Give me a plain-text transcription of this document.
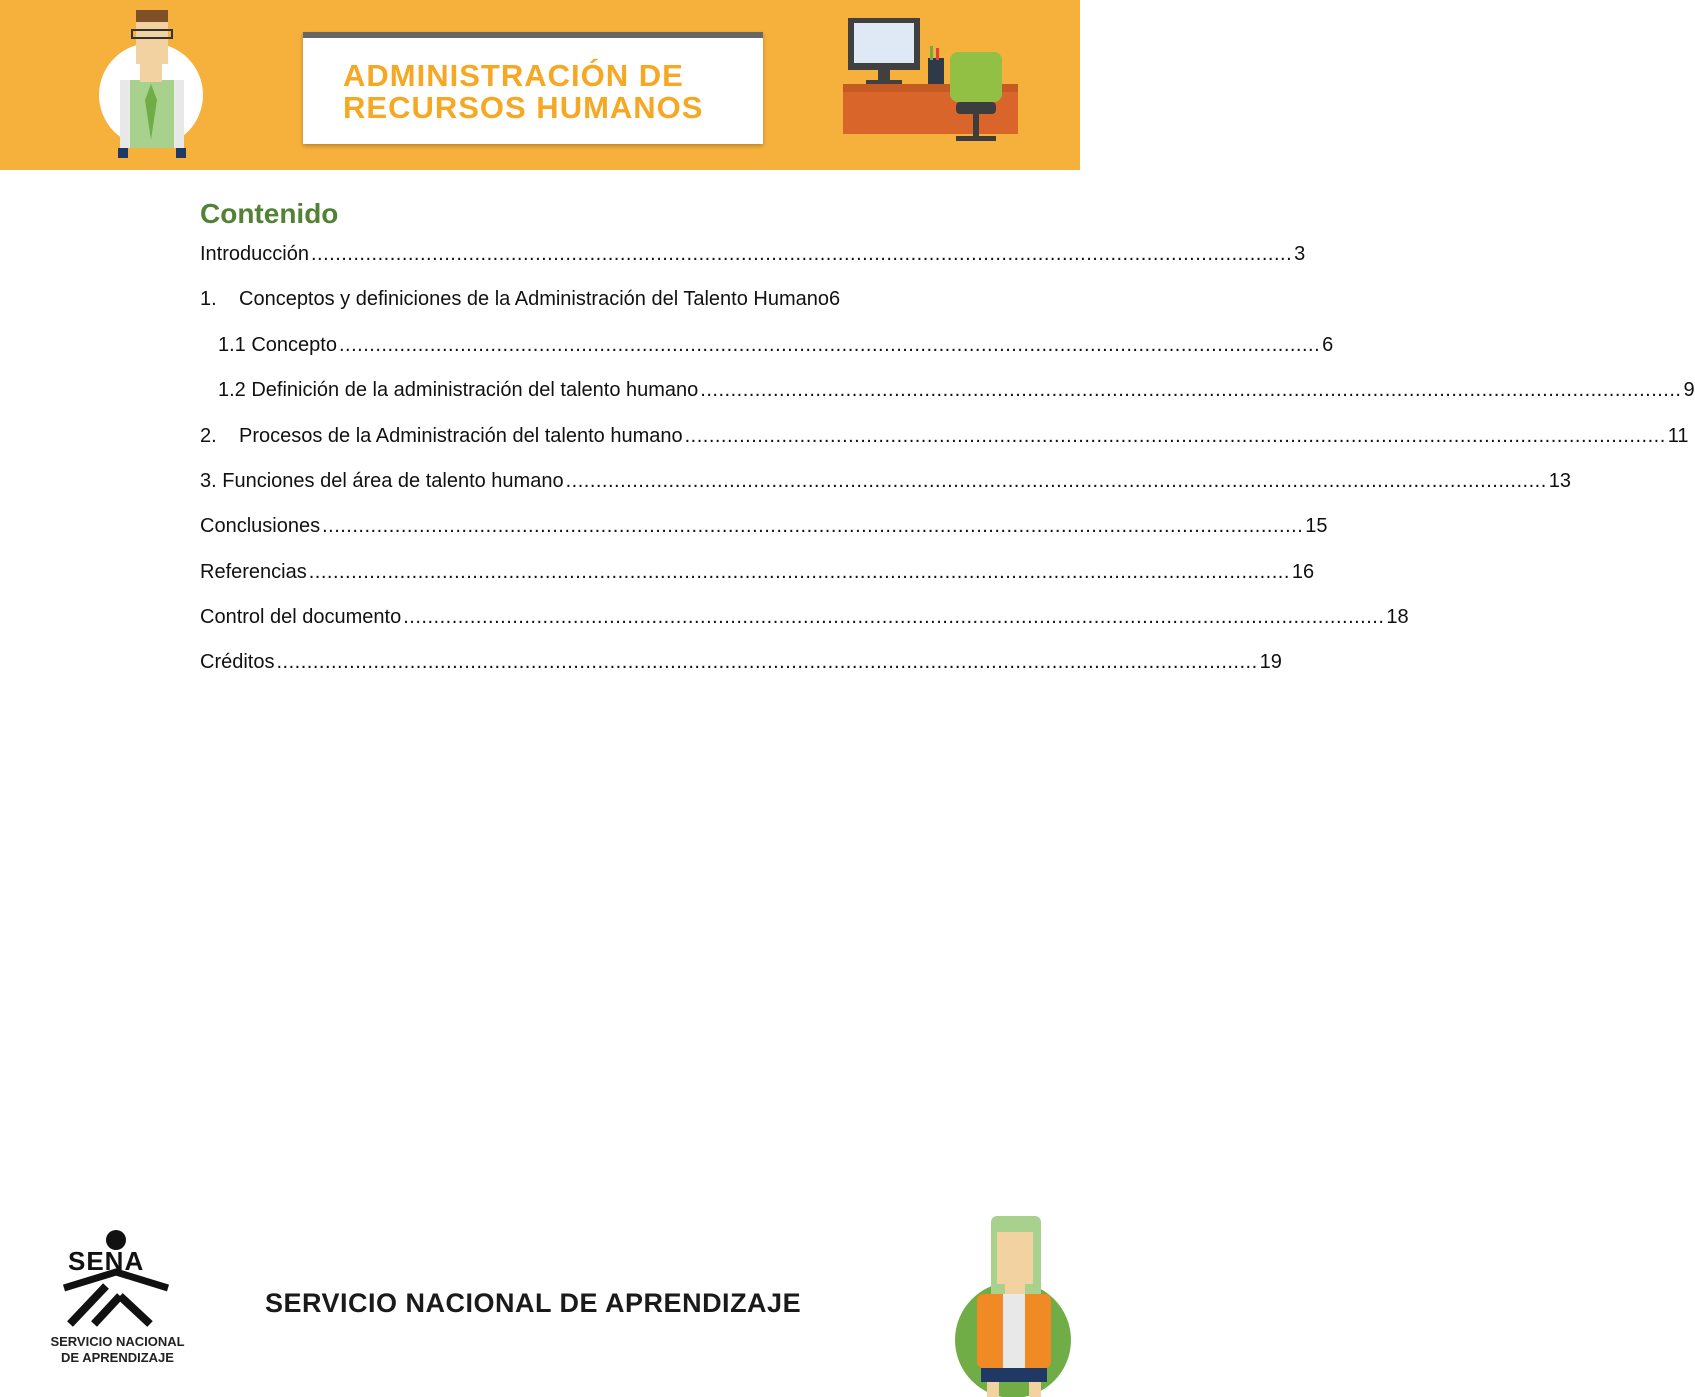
ADMINISTRACIÓN DE
RECURSOS HUMANOS
Contenido
Introducción .................................................................................................................................................................. 3
1. Conceptos y definiciones de la Administración del Talento Humano 6
1.1 Concepto .................................................................................................................................................................. 6
1.2 Definición de la administración del talento humano .................................................................................................................................................................. 9
2. Procesos de la Administración del talento humano .................................................................................................................................................................. 11
3. Funciones del área de talento humano .................................................................................................................................................................. 13
Conclusiones .................................................................................................................................................................. 15
Referencias .................................................................................................................................................................. 16
Control del documento .................................................................................................................................................................. 18
Créditos .................................................................................................................................................................. 19
SENA
SERVICIO NACIONAL
DE APRENDIZAJE
SERVICIO NACIONAL DE APRENDIZAJE
